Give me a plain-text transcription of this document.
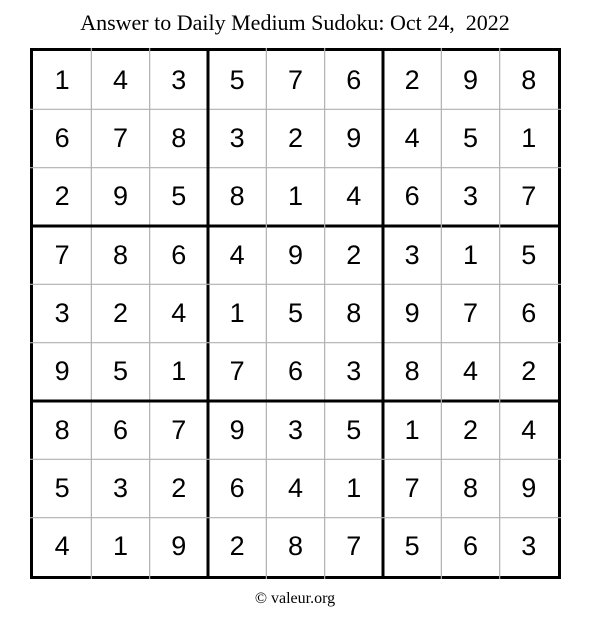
Answer to Daily Medium Sudoku: Oct 24,  2022
1	4	3	5	7	6	2	9	8
6	7	8	3	2	9	4	5	1
2	9	5	8	1	4	6	3	7
7	8	6	4	9	2	3	1	5
3	2	4	1	5	8	9	7	6
9	5	1	7	6	3	8	4	2
8	6	7	9	3	5	1	2	4
5	3	2	6	4	1	7	8	9
4	1	9	2	8	7	5	6	3
© valeur.org
